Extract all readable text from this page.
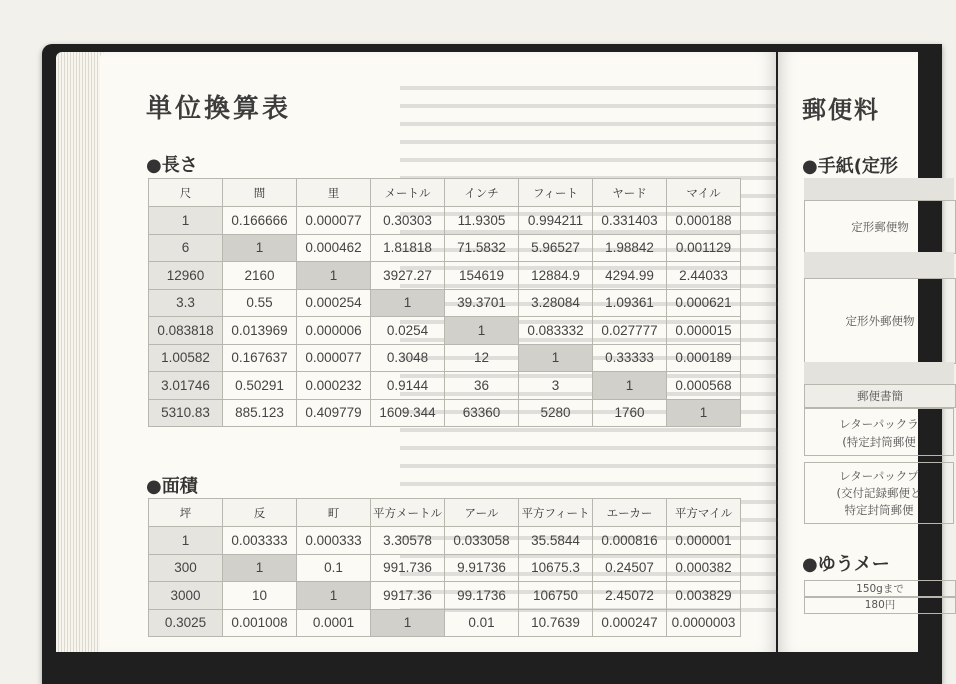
単位換算表
●長さ
尺	間	里	メートル	インチ	フィート	ヤード	マイル
1	0.166666	0.000077	0.30303	11.9305	0.994211	0.331403	0.000188
6	1	0.000462	1.81818	71.5832	5.96527	1.98842	0.001129
12960	2160	1	3927.27	154619	12884.9	4294.99	2.44033
3.3	0.55	0.000254	1	39.3701	3.28084	1.09361	0.000621
0.083818	0.013969	0.000006	0.0254	1	0.083332	0.027777	0.000015
1.00582	0.167637	0.000077	0.3048	12	1	0.33333	0.000189
3.01746	0.50291	0.000232	0.9144	36	3	1	0.000568
5310.83	885.123	0.409779	1609.344	63360	5280	1760	1
●面積
坪	反	町	平方メートル	アール	平方フィート	エーカー	平方マイル
1	0.003333	0.000333	3.30578	0.033058	35.5844	0.000816	0.000001
300	1	0.1	991.736	9.91736	10675.3	0.24507	0.000382
3000	10	1	9917.36	99.1736	106750	2.45072	0.003829
0.3025	0.001008	0.0001	1	0.01	10.7639	0.000247	0.0000003
郵便料
●手紙(定形
定形郵便物
定形外郵便物
郵便書簡
レターパックラ
(特定封筒郵便
レターパックプ
(交付記録郵便と
特定封筒郵便
●ゆうメー
150gまで
180円
